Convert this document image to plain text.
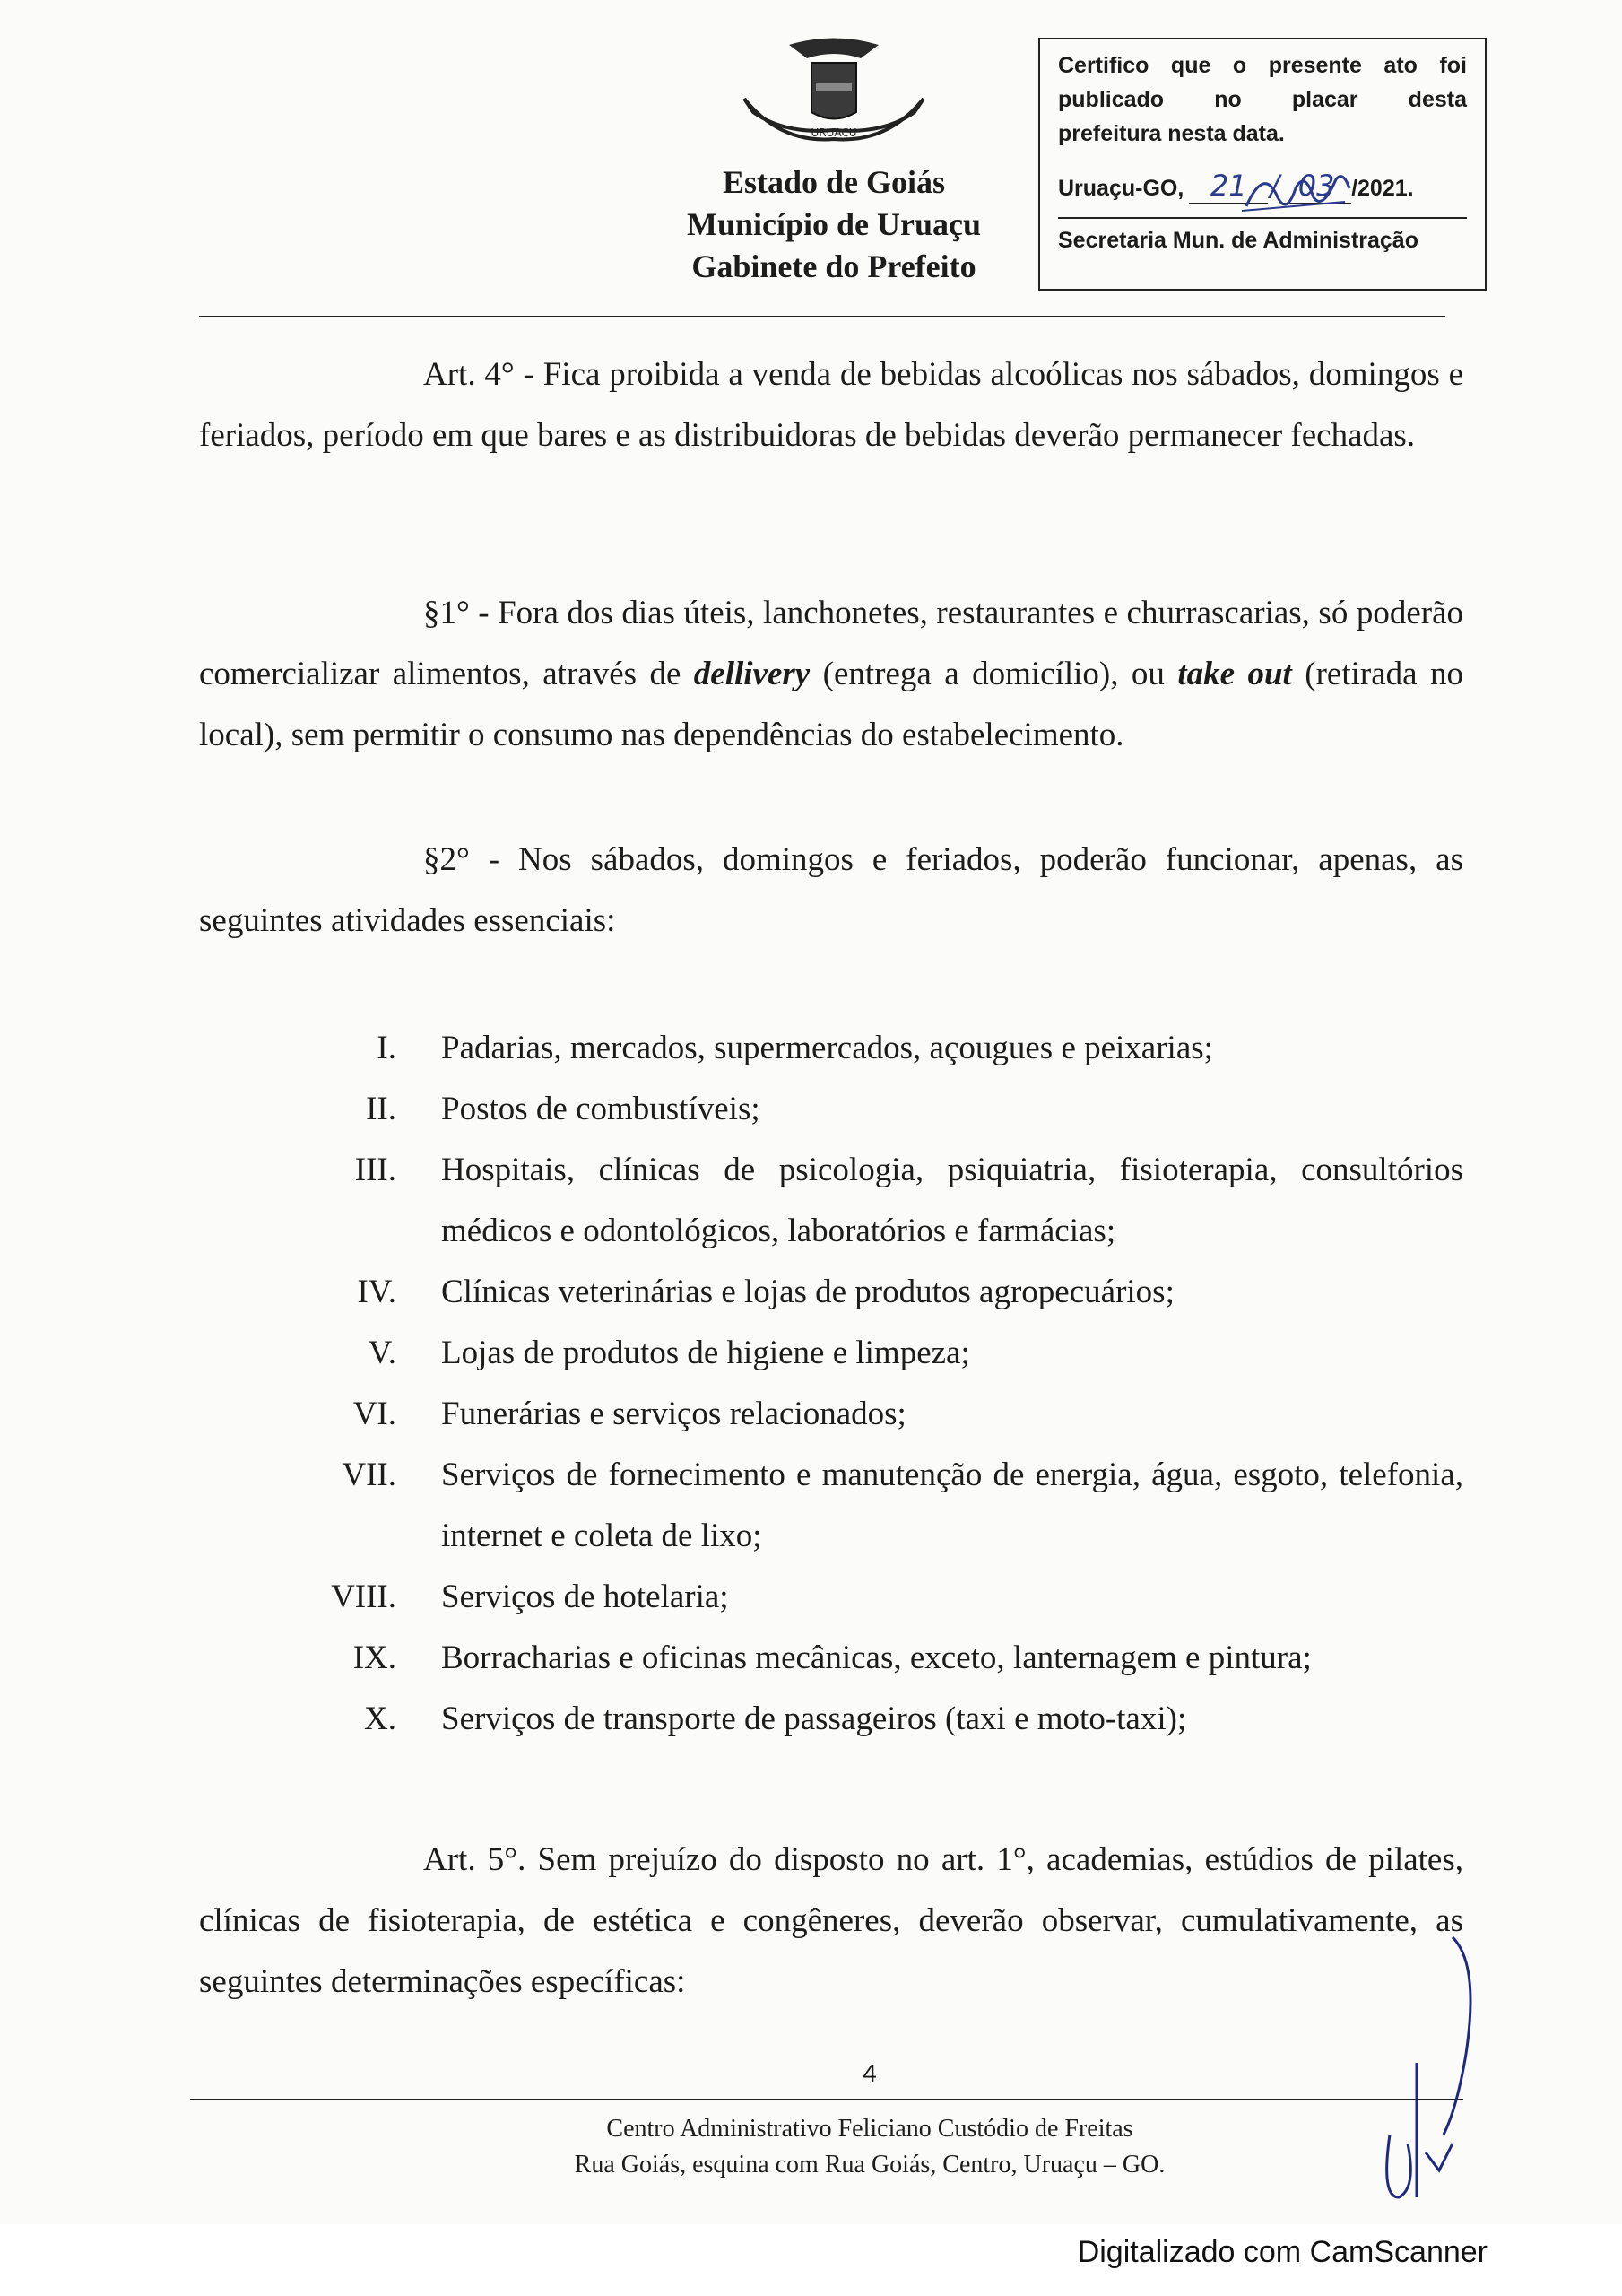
URUAÇU
Estado de Goiás
Município de Uruaçu
Gabinete do Prefeito
Certifico que o presente ato foi
publicado no placar desta
prefeitura nesta data.
Uruaçu-GO, 21 / 03 /2021.
Secretaria Mun. de Administração
Art. 4° - Fica proibida a venda de bebidas alcoólicas nos sábados, domingos e feriados, período em que bares e as distribuidoras de bebidas deverão permanecer fechadas.
§1° - Fora dos dias úteis, lanchonetes, restaurantes e churrascarias, só poderão comercializar alimentos, através de dellivery (entrega a domicílio), ou take out (retirada no local), sem permitir o consumo nas dependências do estabelecimento.
§2° - Nos sábados, domingos e feriados, poderão funcionar, apenas, as seguintes atividades essenciais:
I.	Padarias, mercados, supermercados, açougues e peixarias;
II.	Postos de combustíveis;
III.	Hospitais, clínicas de psicologia, psiquiatria, fisioterapia, consultórios médicos e odontológicos, laboratórios e farmácias;
IV.	Clínicas veterinárias e lojas de produtos agropecuários;
V.	Lojas de produtos de higiene e limpeza;
VI.	Funerárias e serviços relacionados;
VII.	Serviços de fornecimento e manutenção de energia, água, esgoto, telefonia, internet e coleta de lixo;
VIII.	Serviços de hotelaria;
IX.	Borracharias e oficinas mecânicas, exceto, lanternagem e pintura;
X.	Serviços de transporte de passageiros (taxi e moto-taxi);
Art. 5°. Sem prejuízo do disposto no art. 1°, academias, estúdios de pilates, clínicas de fisioterapia, de estética e congêneres, deverão observar, cumulativamente, as seguintes determinações específicas:
4
Centro Administrativo Feliciano Custódio de Freitas
Rua Goiás, esquina com Rua Goiás, Centro, Uruaçu – GO.
Digitalizado com CamScanner
